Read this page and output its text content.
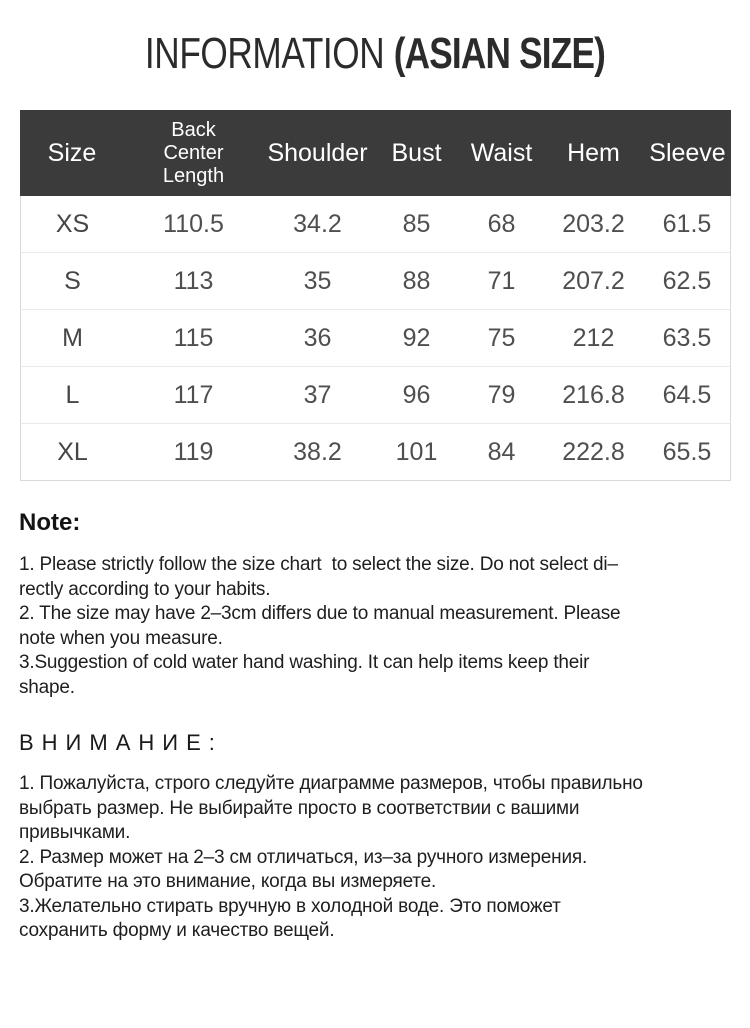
INFORMATION (ASIAN SIZE)
Size	Back Center Length	Shoulder	Bust	Waist	Hem	Sleeve
XS	110.5	34.2	85	68	203.2	61.5
S	113	35	88	71	207.2	62.5
M	115	36	92	75	212	63.5
L	117	37	96	79	216.8	64.5
XL	119	38.2	101	84	222.8	65.5
Note:
1. Please strictly follow the size chart  to select the size. Do not select di–
rectly according to your habits.
2. The size may have 2–3cm differs due to manual measurement. Please
note when you measure.
3.Suggestion of cold water hand washing. It can help items keep their
shape.
ВНИМАНИЕ:
1. Пожалуйста, строго следуйте диаграмме размеров, чтобы правильно
выбрать размер. Не выбирайте просто в соответствии с вашими
привычками.
2. Размер может на 2–3 см отличаться, из–за ручного измерения.
Обратите на это внимание, когда вы измеряете.
3.Желательно стирать вручную в холодной воде. Это поможет
сохранить форму и качество вещей.
